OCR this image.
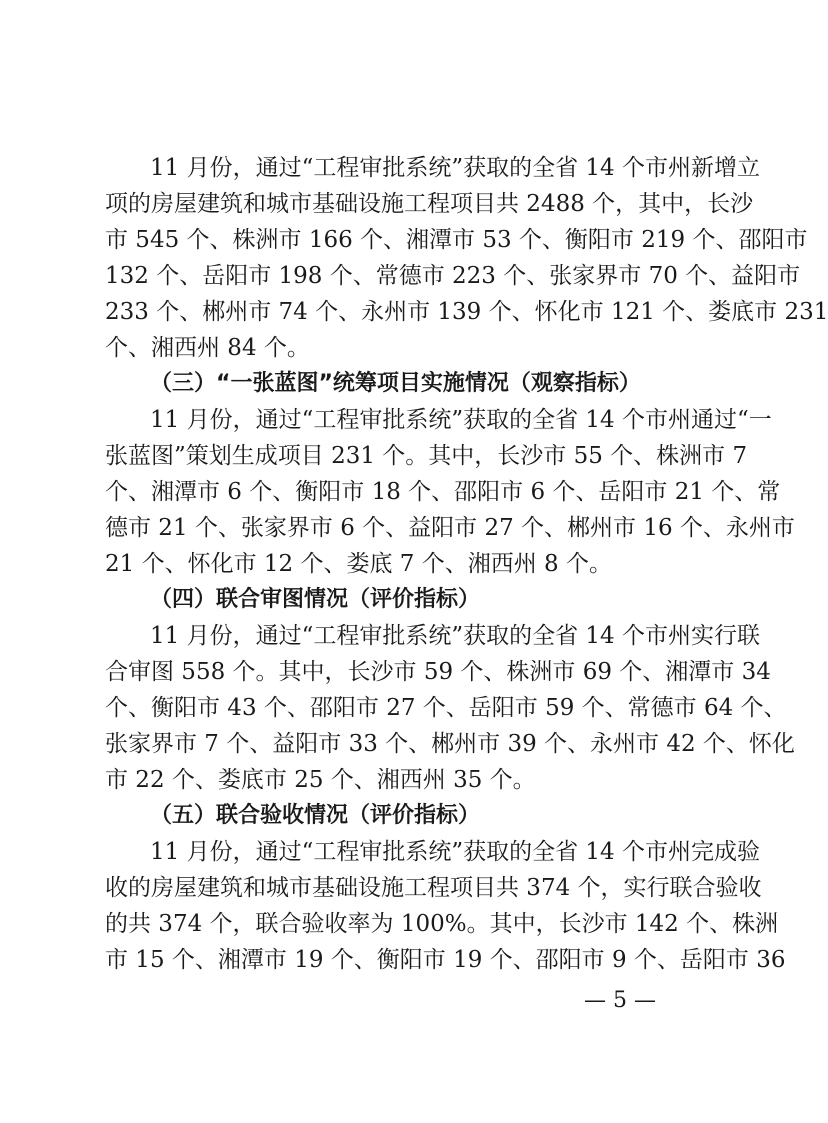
11 月份，通过“工程审批系统”获取的全省 14 个市州新增立
项的房屋建筑和城市基础设施工程项目共 2488 个，其中，长沙
市 545 个、株洲市 166 个、湘潭市 53 个、衡阳市 219 个、邵阳市
132 个、岳阳市 198 个、常德市 223 个、张家界市 70 个、益阳市
233 个、郴州市 74 个、永州市 139 个、怀化市 121 个、娄底市 231
个、湘西州 84 个。
（三）“一张蓝图”统筹项目实施情况（观察指标）
11 月份，通过“工程审批系统”获取的全省 14 个市州通过“一
张蓝图”策划生成项目 231 个。其中，长沙市 55 个、株洲市 7
个、湘潭市 6 个、衡阳市 18 个、邵阳市 6 个、岳阳市 21 个、常
德市 21 个、张家界市 6 个、益阳市 27 个、郴州市 16 个、永州市
21 个、怀化市 12 个、娄底 7 个、湘西州 8 个。
（四）联合审图情况（评价指标）
11 月份，通过“工程审批系统”获取的全省 14 个市州实行联
合审图 558 个。其中，长沙市 59 个、株洲市 69 个、湘潭市 34
个、衡阳市 43 个、邵阳市 27 个、岳阳市 59 个、常德市 64 个、
张家界市 7 个、益阳市 33 个、郴州市 39 个、永州市 42 个、怀化
市 22 个、娄底市 25 个、湘西州 35 个。
（五）联合验收情况（评价指标）
11 月份，通过“工程审批系统”获取的全省 14 个市州完成验
收的房屋建筑和城市基础设施工程项目共 374 个，实行联合验收
的共 374 个，联合验收率为 100%。其中，长沙市 142 个、株洲
市 15 个、湘潭市 19 个、衡阳市 19 个、邵阳市 9 个、岳阳市 36
— 5 —
